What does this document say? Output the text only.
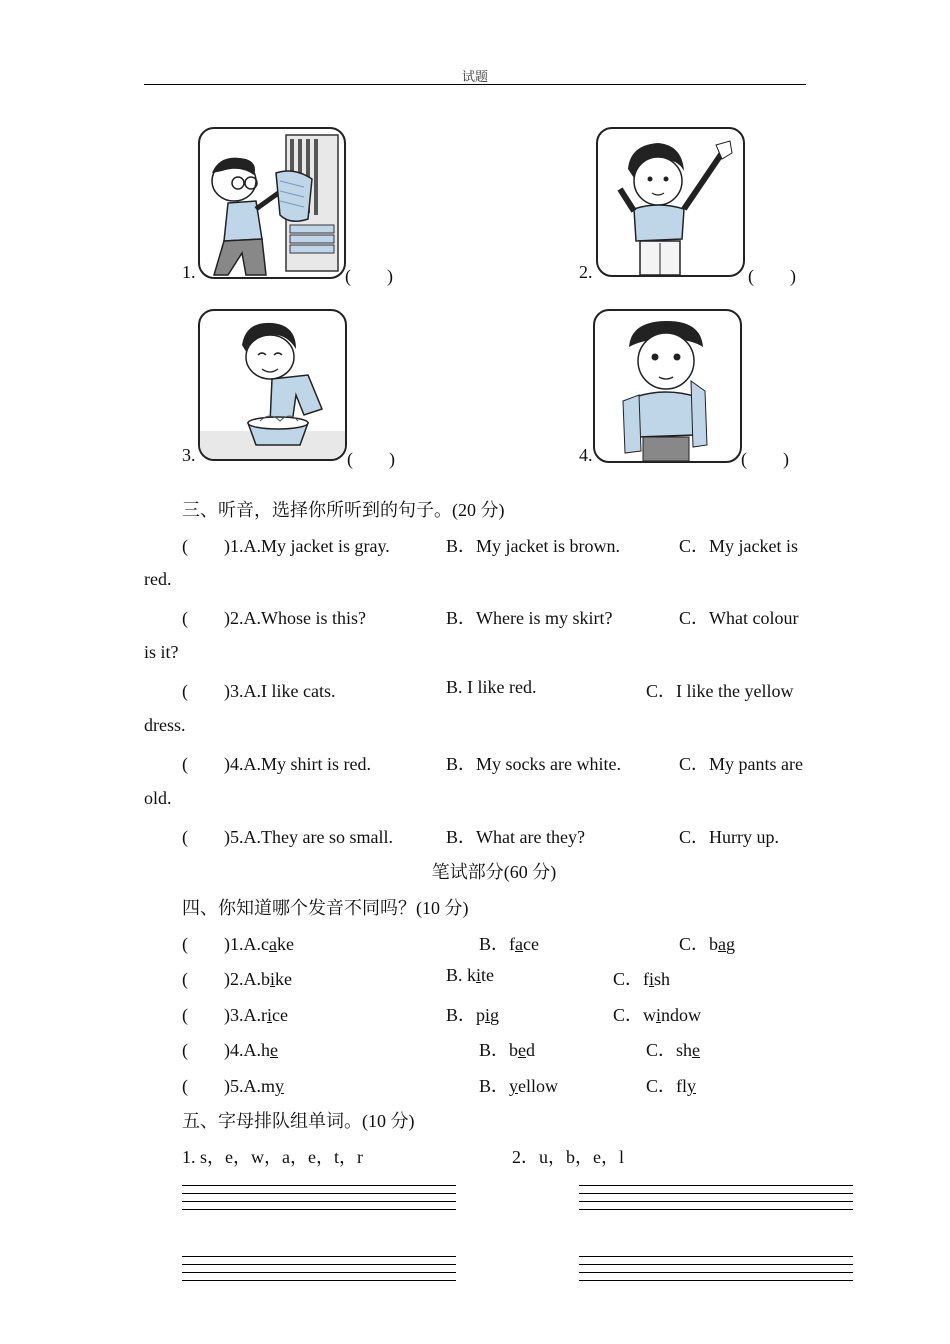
试题
1.	(　　)	2.	(　　)
3.	(　　)	4.	(　　)
三、听音，选择你所听到的句子。(20 分)
(　　)1.A.My jacket is gray.	B．My jacket is brown.	C．My jacket is
red.
(　　)2.A.Whose is this?	B．Where is my skirt?	C．What colour
is it?
(　　)3.A.I like cats.	B. I like red.	C．I like the yellow
dress.
(　　)4.A.My shirt is red.	B．My socks are white.	C．My pants are
old.
(　　)5.A.They are so small.	B．What are they?	C．Hurry up.
笔试部分(60 分)
四、你知道哪个发音不同吗？(10 分)
(　　)1.A.cake	B．face	C．bag
(　　)2.A.bike	B. kite	C．fish
(　　)3.A.rice	B．pig	C．window
(　　)4.A.he	B．bed	C．she
(　　)5.A.my	B．yellow	C．fly
五、字母排队组单词。(10 分)
1. s，e，w，a，e，t，r	2．u，b，e，l
